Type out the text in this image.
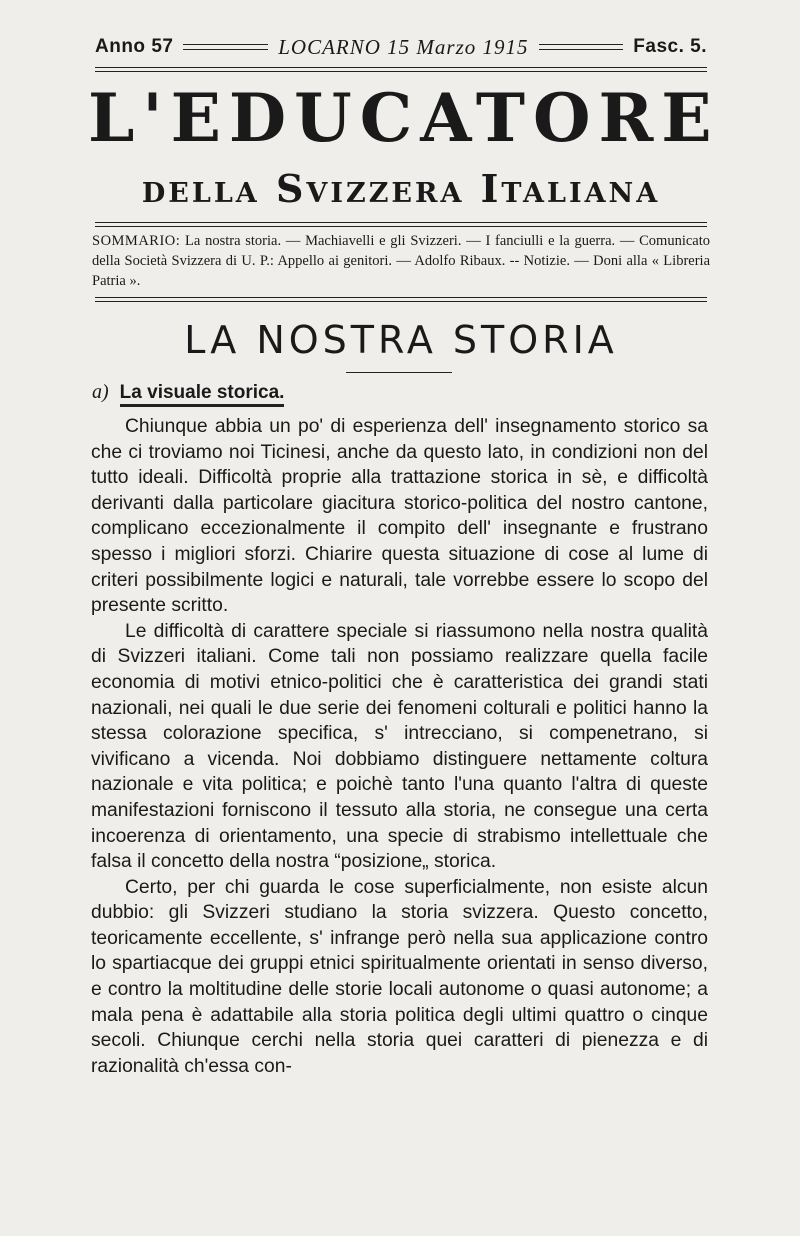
Anno 57	LOCARNO 15 Marzo 1915	Fasc. 5.
L'EDUCATORE
della Svizzera Italiana
SOMMARIO: La nostra storia. — Machiavelli e gli Svizzeri. — I fanciulli e la guerra. — Comunicato della Società Svizzera di U. P.: Appello ai genitori. — Adolfo Ribaux. -- Notizie. — Doni alla « Libreria Patria ».
LA NOSTRA STORIA
a) La visuale storica.

Chiunque abbia un po' di esperienza dell' insegnamento storico sa che ci troviamo noi Ticinesi, anche da questo lato, in condizioni non del tutto ideali. Difficoltà proprie alla trattazione storica in sè, e difficoltà derivanti dalla particolare giacitura storico-politica del nostro cantone, complicano eccezionalmente il compito dell' insegnante e frustrano spesso i migliori sforzi. Chiarire questa situazione di cose al lume di criteri possibilmente logici e naturali, tale vorrebbe essere lo scopo del presente scritto.

Le difficoltà di carattere speciale si riassumono nella nostra qualità di Svizzeri italiani. Come tali non possiamo realizzare quella facile economia di motivi etnico-politici che è caratteristica dei grandi stati nazionali, nei quali le due serie dei fenomeni colturali e politici hanno la stessa colorazione specifica, s' intrecciano, si compenetrano, si vivificano a vicenda. Noi dobbiamo distinguere nettamente coltura nazionale e vita politica; e poichè tanto l'una quanto l'altra di queste manifestazioni forniscono il tessuto alla storia, ne consegue una certa incoerenza di orientamento, una specie di strabismo intellettuale che falsa il concetto della nostra “posizione„ storica.

Certo, per chi guarda le cose superficialmente, non esiste alcun dubbio: gli Svizzeri studiano la storia svizzera. Questo concetto, teoricamente eccellente, s' infrange però nella sua applicazione contro lo spartiacque dei gruppi etnici spiritualmente orientati in senso diverso, e contro la moltitudine delle storie locali autonome o quasi autonome; a mala pena è adattabile alla storia politica degli ultimi quattro o cinque secoli. Chiunque cerchi nella storia quei caratteri di pienezza e di razionalità ch'essa con-
